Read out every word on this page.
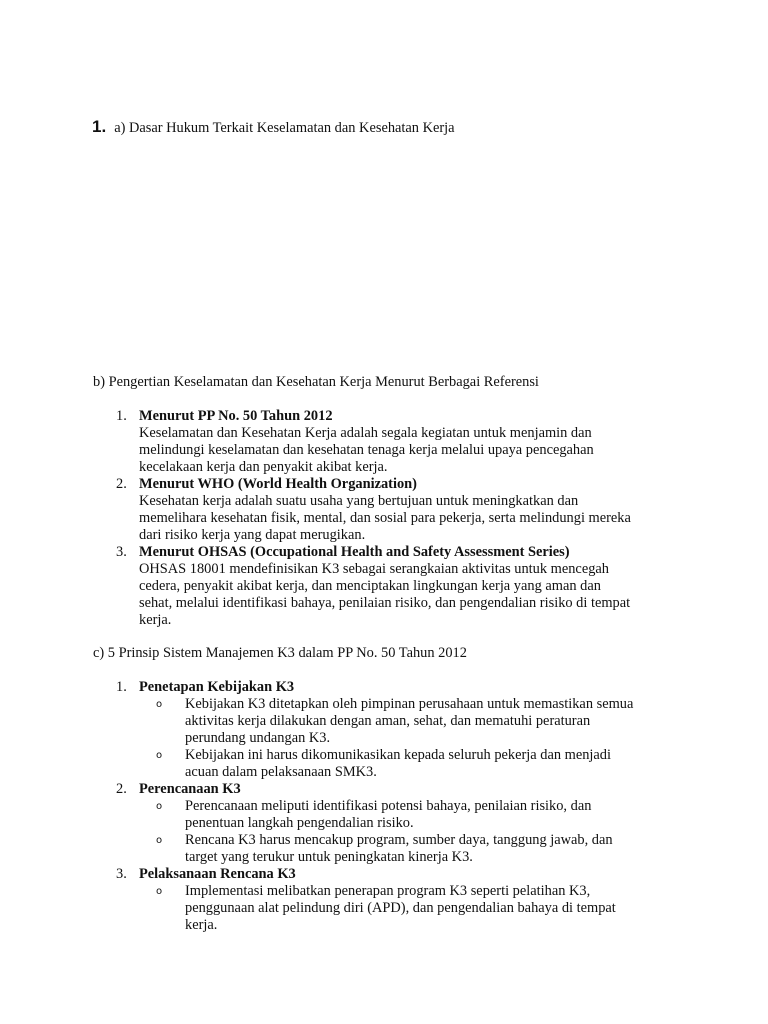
1. a) Dasar Hukum Terkait Keselamatan dan Kesehatan Kerja
b) Pengertian Keselamatan dan Kesehatan Kerja Menurut Berbagai Referensi
1. Menurut PP No. 50 Tahun 2012
Keselamatan dan Kesehatan Kerja adalah segala kegiatan untuk menjamin dan
melindungi keselamatan dan kesehatan tenaga kerja melalui upaya pencegahan
kecelakaan kerja dan penyakit akibat kerja.
2. Menurut WHO (World Health Organization)
Kesehatan kerja adalah suatu usaha yang bertujuan untuk meningkatkan dan
memelihara kesehatan fisik, mental, dan sosial para pekerja, serta melindungi mereka
dari risiko kerja yang dapat merugikan.
3. Menurut OHSAS (Occupational Health and Safety Assessment Series)
OHSAS 18001 mendefinisikan K3 sebagai serangkaian aktivitas untuk mencegah
cedera, penyakit akibat kerja, dan menciptakan lingkungan kerja yang aman dan
sehat, melalui identifikasi bahaya, penilaian risiko, dan pengendalian risiko di tempat
kerja.
c) 5 Prinsip Sistem Manajemen K3 dalam PP No. 50 Tahun 2012
1. Penetapan Kebijakan K3
o Kebijakan K3 ditetapkan oleh pimpinan perusahaan untuk memastikan semua
aktivitas kerja dilakukan dengan aman, sehat, dan mematuhi peraturan
perundang undangan K3.
o Kebijakan ini harus dikomunikasikan kepada seluruh pekerja dan menjadi
acuan dalam pelaksanaan SMK3.
2. Perencanaan K3
o Perencanaan meliputi identifikasi potensi bahaya, penilaian risiko, dan
penentuan langkah pengendalian risiko.
o Rencana K3 harus mencakup program, sumber daya, tanggung jawab, dan
target yang terukur untuk peningkatan kinerja K3.
3. Pelaksanaan Rencana K3
o Implementasi melibatkan penerapan program K3 seperti pelatihan K3,
penggunaan alat pelindung diri (APD), dan pengendalian bahaya di tempat
kerja.
